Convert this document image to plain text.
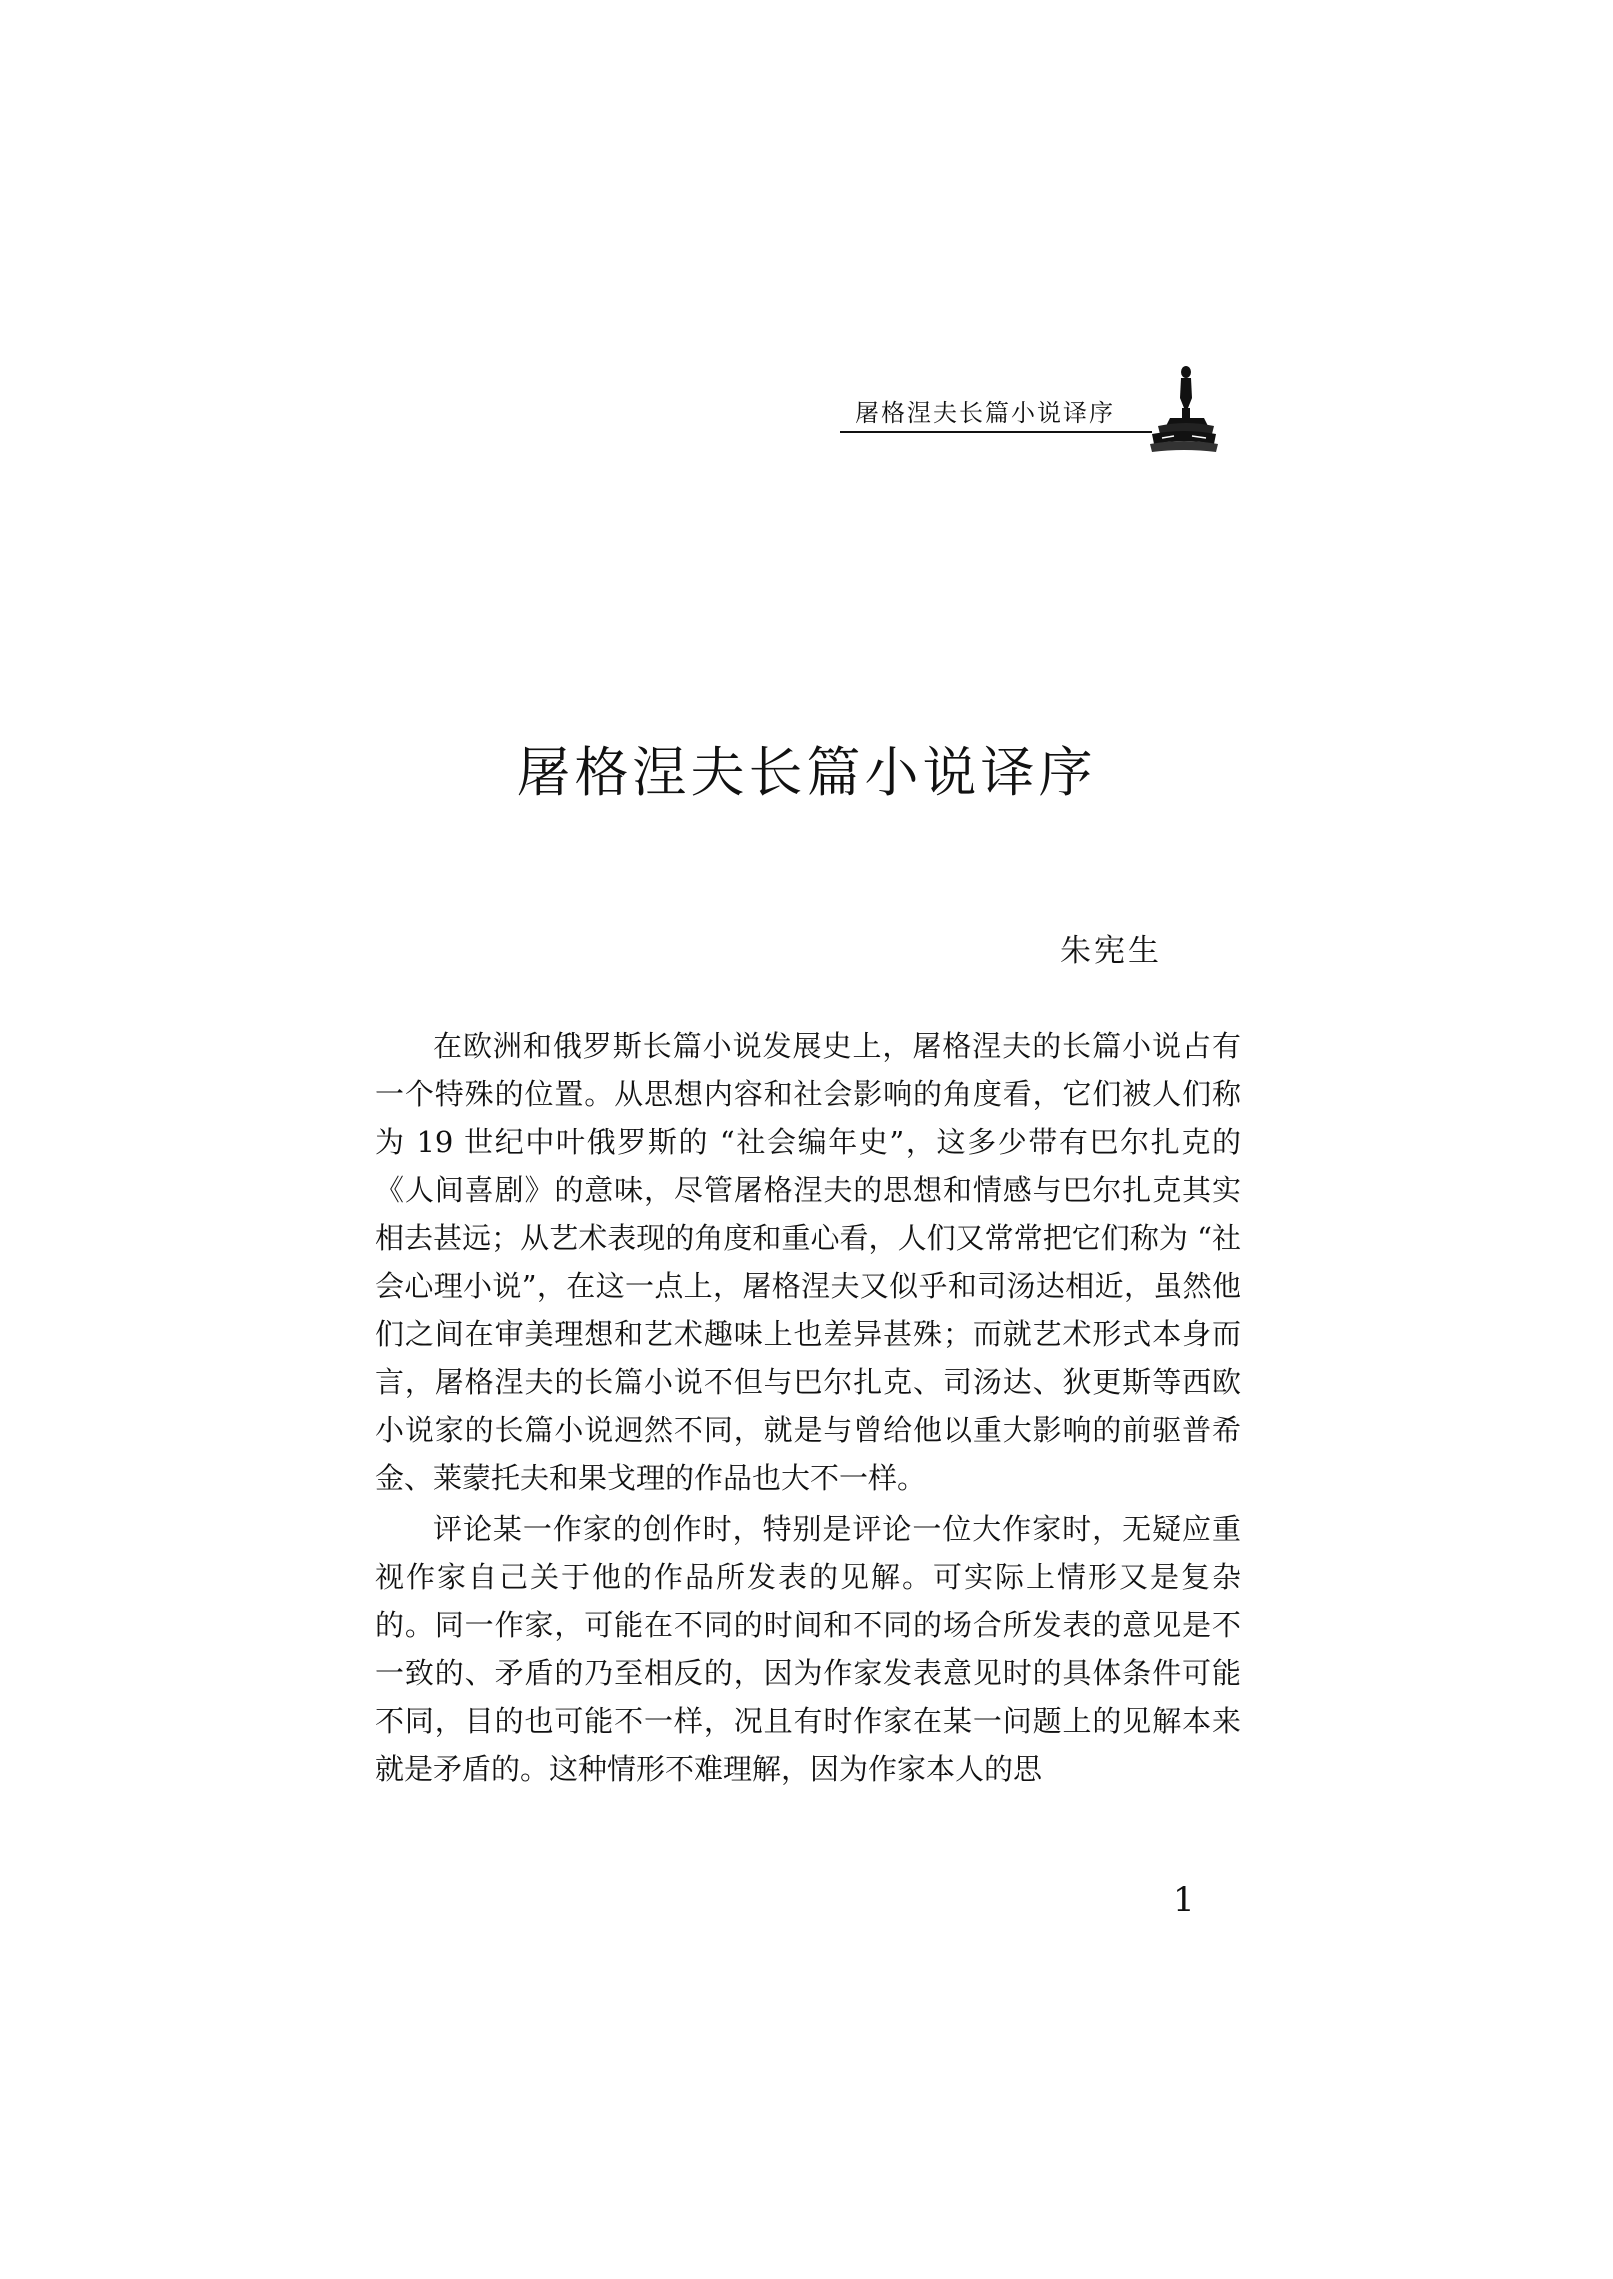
屠格涅夫长篇小说译序
屠格涅夫长篇小说译序
朱宪生

在欧洲和俄罗斯长篇小说发展史上，屠格涅夫的长篇小说占有一个特殊的位置。从思想内容和社会影响的角度看，它们被人们称为 19 世纪中叶俄罗斯的 “社会编年史”，这多少带有巴尔扎克的《人间喜剧》的意味，尽管屠格涅夫的思想和情感与巴尔扎克其实相去甚远；从艺术表现的角度和重心看，人们又常常把它们称为 “社会心理小说”，在这一点上，屠格涅夫又似乎和司汤达相近，虽然他们之间在审美理想和艺术趣味上也差异甚殊；而就艺术形式本身而言，屠格涅夫的长篇小说不但与巴尔扎克、司汤达、狄更斯等西欧小说家的长篇小说迥然不同，就是与曾给他以重大影响的前驱普希金、莱蒙托夫和果戈理的作品也大不一样。

评论某一作家的创作时，特别是评论一位大作家时，无疑应重视作家自己关于他的作品所发表的见解。可实际上情形又是复杂的。同一作家，可能在不同的时间和不同的场合所发表的意见是不一致的、矛盾的乃至相反的，因为作家发表意见时的具体条件可能不同，目的也可能不一样，况且有时作家在某一问题上的见解本来就是矛盾的。这种情形不难理解，因为作家本人的思

1
